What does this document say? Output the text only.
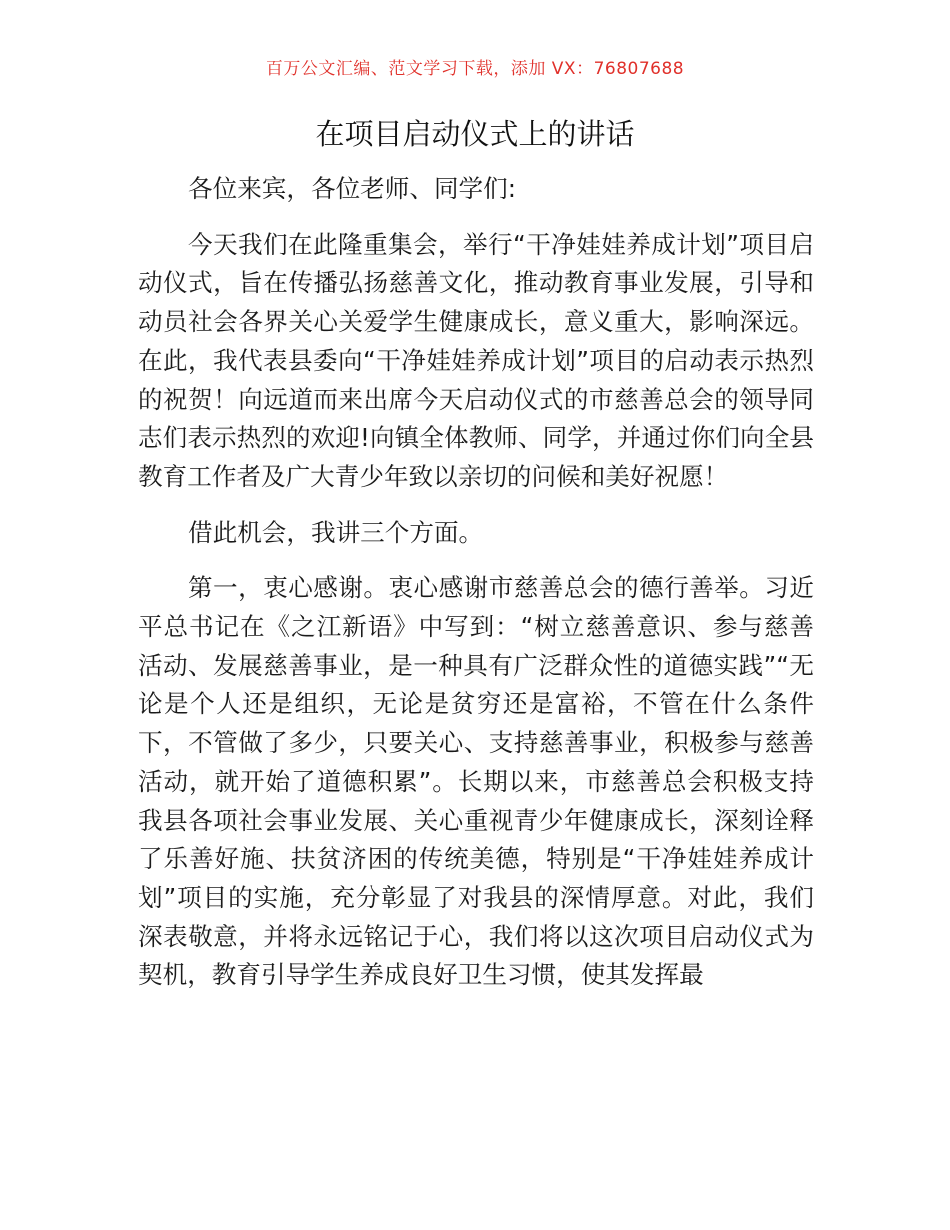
百万公文汇编、范文学习下载，添加 VX：76807688
在项目启动仪式上的讲话

各位来宾，各位老师、同学们:

今天我们在此隆重集会，举行“干净娃娃养成计划”项目启动仪式，旨在传播弘扬慈善文化，推动教育事业发展，引导和动员社会各界关心关爱学生健康成长，意义重大，影响深远。在此，我代表县委向“干净娃娃养成计划”项目的启动表示热烈的祝贺！向远道而来出席今天启动仪式的市慈善总会的领导同志们表示热烈的欢迎!向镇全体教师、同学，并通过你们向全县教育工作者及广大青少年致以亲切的问候和美好祝愿！

借此机会，我讲三个方面。

第一，衷心感谢。衷心感谢市慈善总会的德行善举。习近平总书记在《之江新语》中写到：“树立慈善意识、参与慈善活动、发展慈善事业，是一种具有广泛群众性的道德实践”“无论是个人还是组织，无论是贫穷还是富裕，不管在什么条件下，不管做了多少，只要关心、支持慈善事业，积极参与慈善活动，就开始了道德积累”。长期以来，市慈善总会积极支持我县各项社会事业发展、关心重视青少年健康成长，深刻诠释了乐善好施、扶贫济困的传统美德，特别是“干净娃娃养成计划”项目的实施，充分彰显了对我县的深情厚意。对此，我们深表敬意，并将永远铭记于心，我们将以这次项目启动仪式为契机，教育引导学生养成良好卫生习惯，使其发挥最
